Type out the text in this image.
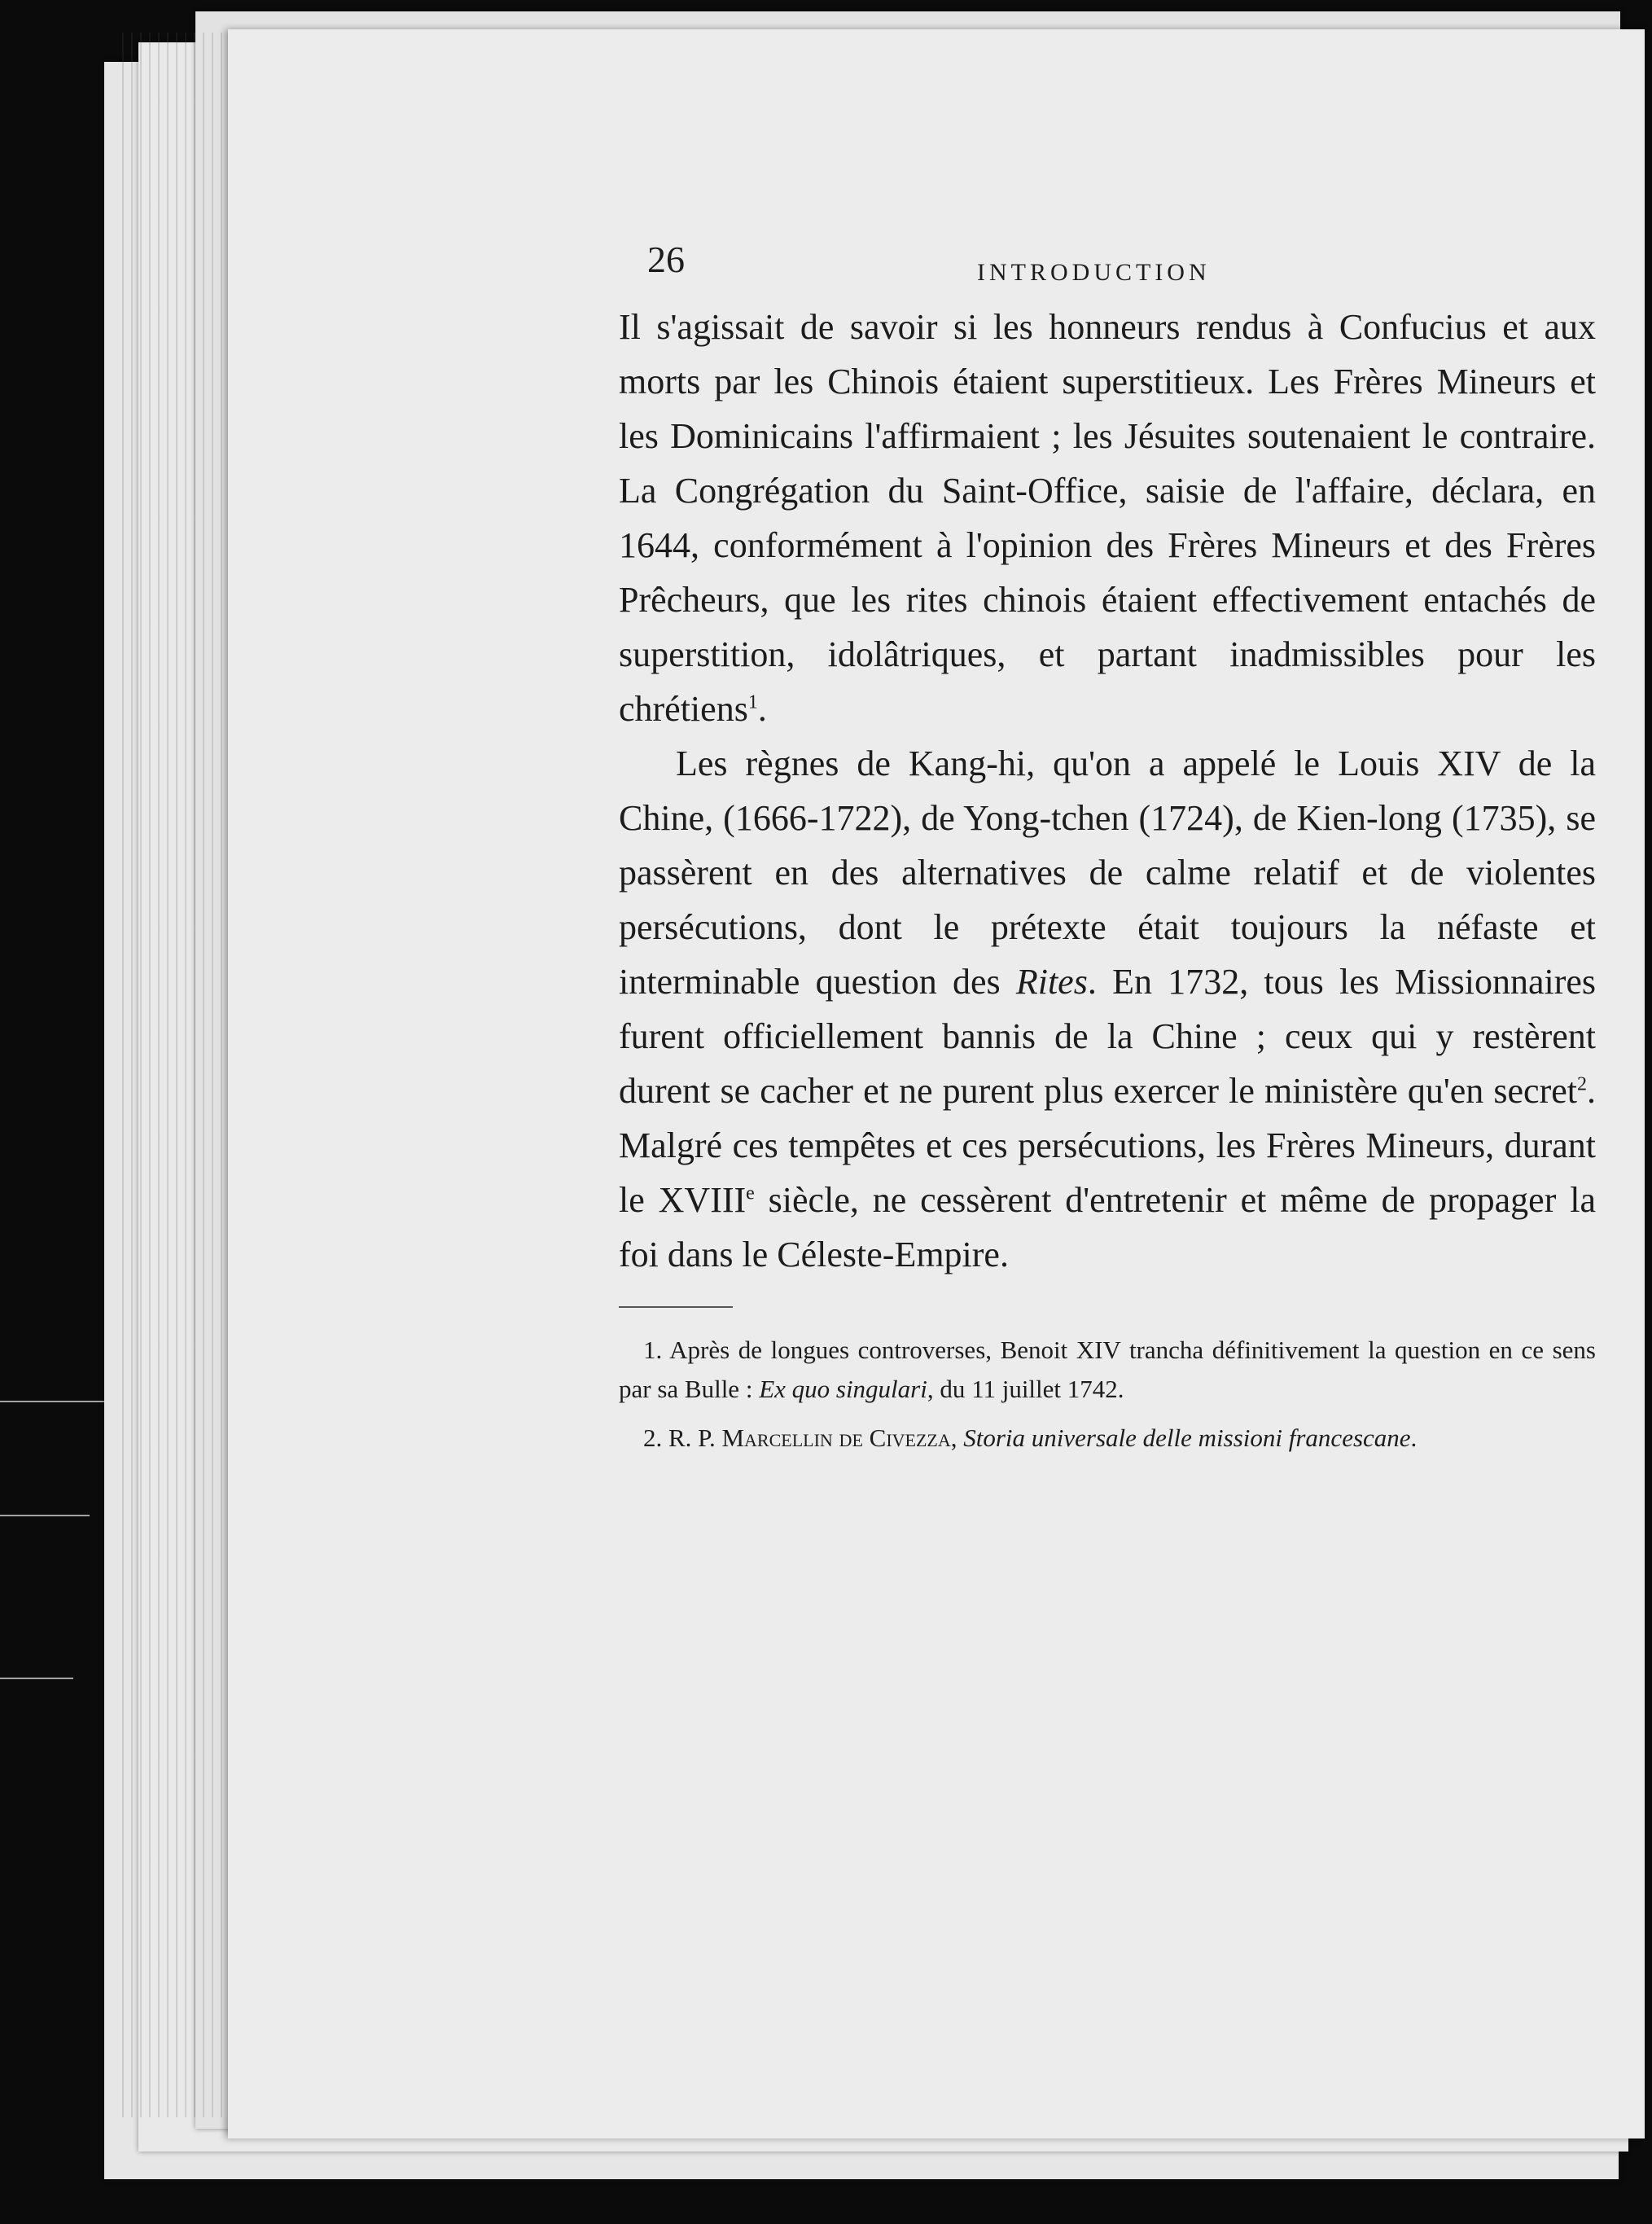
26	INTRODUCTION

Il s'agissait de savoir si les honneurs rendus à Confucius et aux morts par les Chinois étaient superstitieux. Les Frères Mineurs et les Dominicains l'affirmaient ; les Jésuites soutenaient le contraire. La Congrégation du Saint-Office, saisie de l'affaire, déclara, en 1644, conformément à l'opinion des Frères Mineurs et des Frères Prêcheurs, que les rites chinois étaient effectivement entachés de superstition, idolâtriques, et partant inadmissibles pour les chrétiens$^1$.

Les règnes de Kang-hi, qu'on a appelé le Louis XIV de la Chine, (1666-1722), de Yong-tchen (1724), de Kien-long (1735), se passèrent en des alternatives de calme relatif et de violentes persécutions, dont le prétexte était toujours la néfaste et interminable question des Rites. En 1732, tous les Missionnaires furent officiellement bannis de la Chine ; ceux qui y restèrent durent se cacher et ne purent plus exercer le ministère qu'en secret$^2$. Malgré ces tempêtes et ces persécutions, les Frères Mineurs, durant le XVIIIe siècle, ne cessèrent d'entretenir et même de propager la foi dans le Céleste-Empire.

1. Après de longues controverses, Benoit XIV trancha définitivement la question en ce sens par sa Bulle : Ex quo singulari, du 11 juillet 1742.

2. R. P. Marcellin de Civezza, Storia universale delle missioni francescane.
